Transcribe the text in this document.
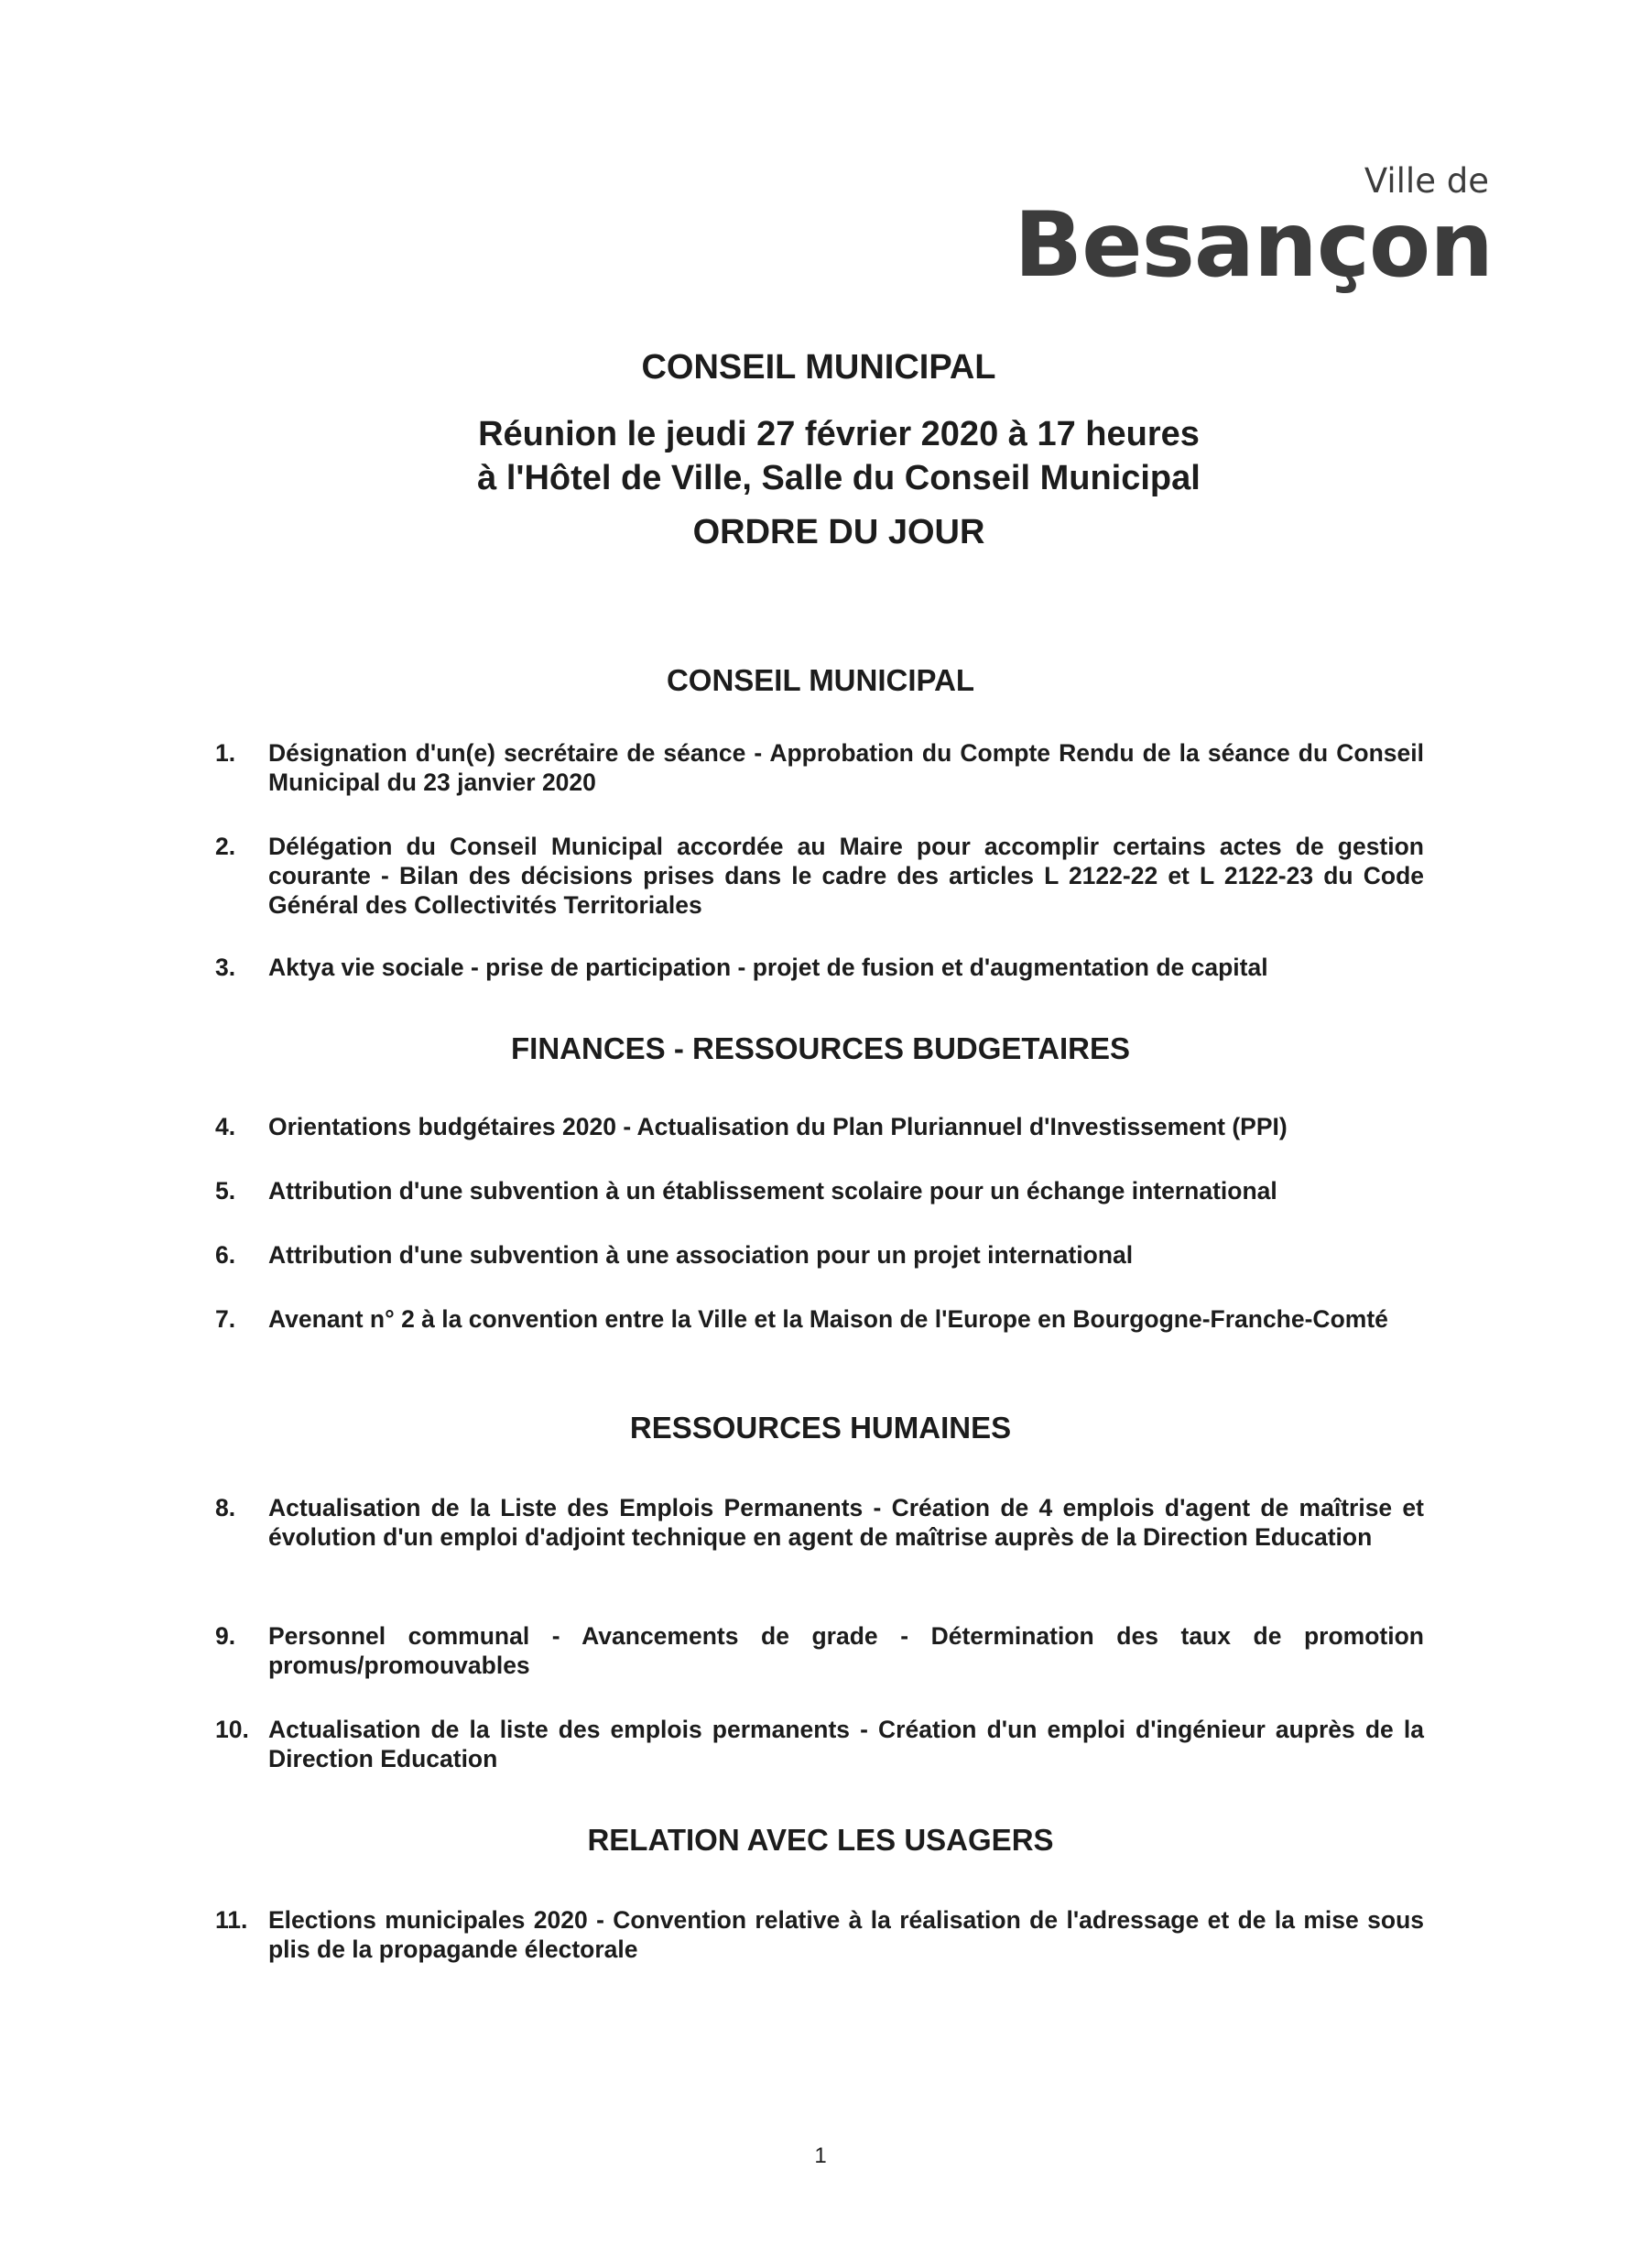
Ville de
Besançon
CONSEIL MUNICIPAL
Réunion le jeudi 27 février 2020 à 17 heures
à l'Hôtel de Ville, Salle du Conseil Municipal
ORDRE DU JOUR
CONSEIL MUNICIPAL
1.	Désignation d'un(e) secrétaire de séance - Approbation du Compte Rendu de la séance du Conseil Municipal du 23 janvier 2020
2.	Délégation du Conseil Municipal accordée au Maire pour accomplir certains actes de gestion courante - Bilan des décisions prises dans le cadre des articles L 2122-22 et L 2122-23 du Code Général des Collectivités Territoriales
3.	Aktya vie sociale - prise de participation - projet de fusion et d'augmentation de capital
FINANCES - RESSOURCES BUDGETAIRES
4.	Orientations budgétaires 2020 - Actualisation du Plan Pluriannuel d'Investissement (PPI)
5.	Attribution d'une subvention à un établissement scolaire pour un échange international
6.	Attribution d'une subvention à une association pour un projet international
7.	Avenant n° 2 à la convention entre la Ville et la Maison de l'Europe en Bourgogne-Franche-Comté
RESSOURCES HUMAINES
8.	Actualisation de la Liste des Emplois Permanents - Création de 4 emplois d'agent de maîtrise et évolution d'un emploi d'adjoint technique en agent de maîtrise auprès de la Direction Education
9.	Personnel communal - Avancements de grade - Détermination des taux de promotion promus/promouvables
10. Actualisation de la liste des emplois permanents - Création d'un emploi d'ingénieur auprès de la Direction Education
RELATION AVEC LES USAGERS
11. Elections municipales 2020 - Convention relative à la réalisation de l'adressage et de la mise sous plis de la propagande électorale
1
